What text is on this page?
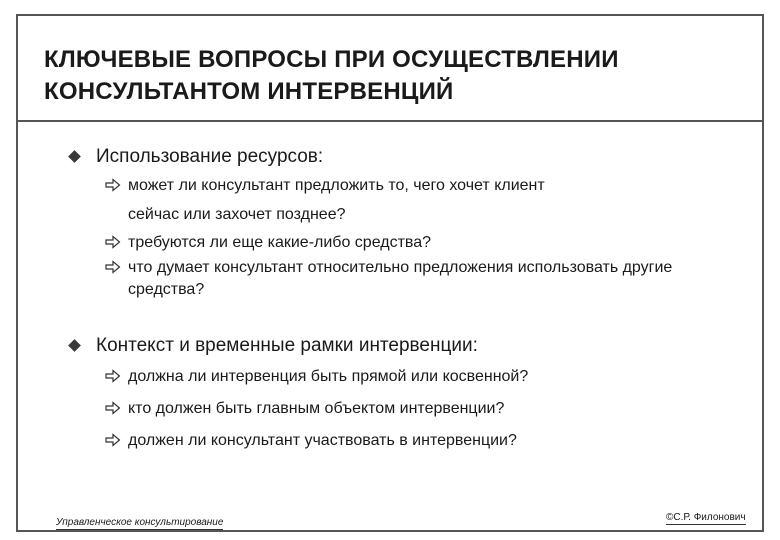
КЛЮЧЕВЫЕ ВОПРОСЫ ПРИ ОСУЩЕСТВЛЕНИИ
КОНСУЛЬТАНТОМ ИНТЕРВЕНЦИЙ
Использование ресурсов:
может ли консультант предложить то, чего хочет клиент
сейчас или захочет позднее?
требуются ли еще какие-либо средства?
что думает консультант относительно предложения использовать другие
средства?
Контекст и временные рамки интервенции:
должна ли интервенция быть прямой или косвенной?
кто должен быть главным объектом интервенции?
должен ли консультант участвовать в интервенции?
Управленческое консультирование	©С.Р. Филонович
